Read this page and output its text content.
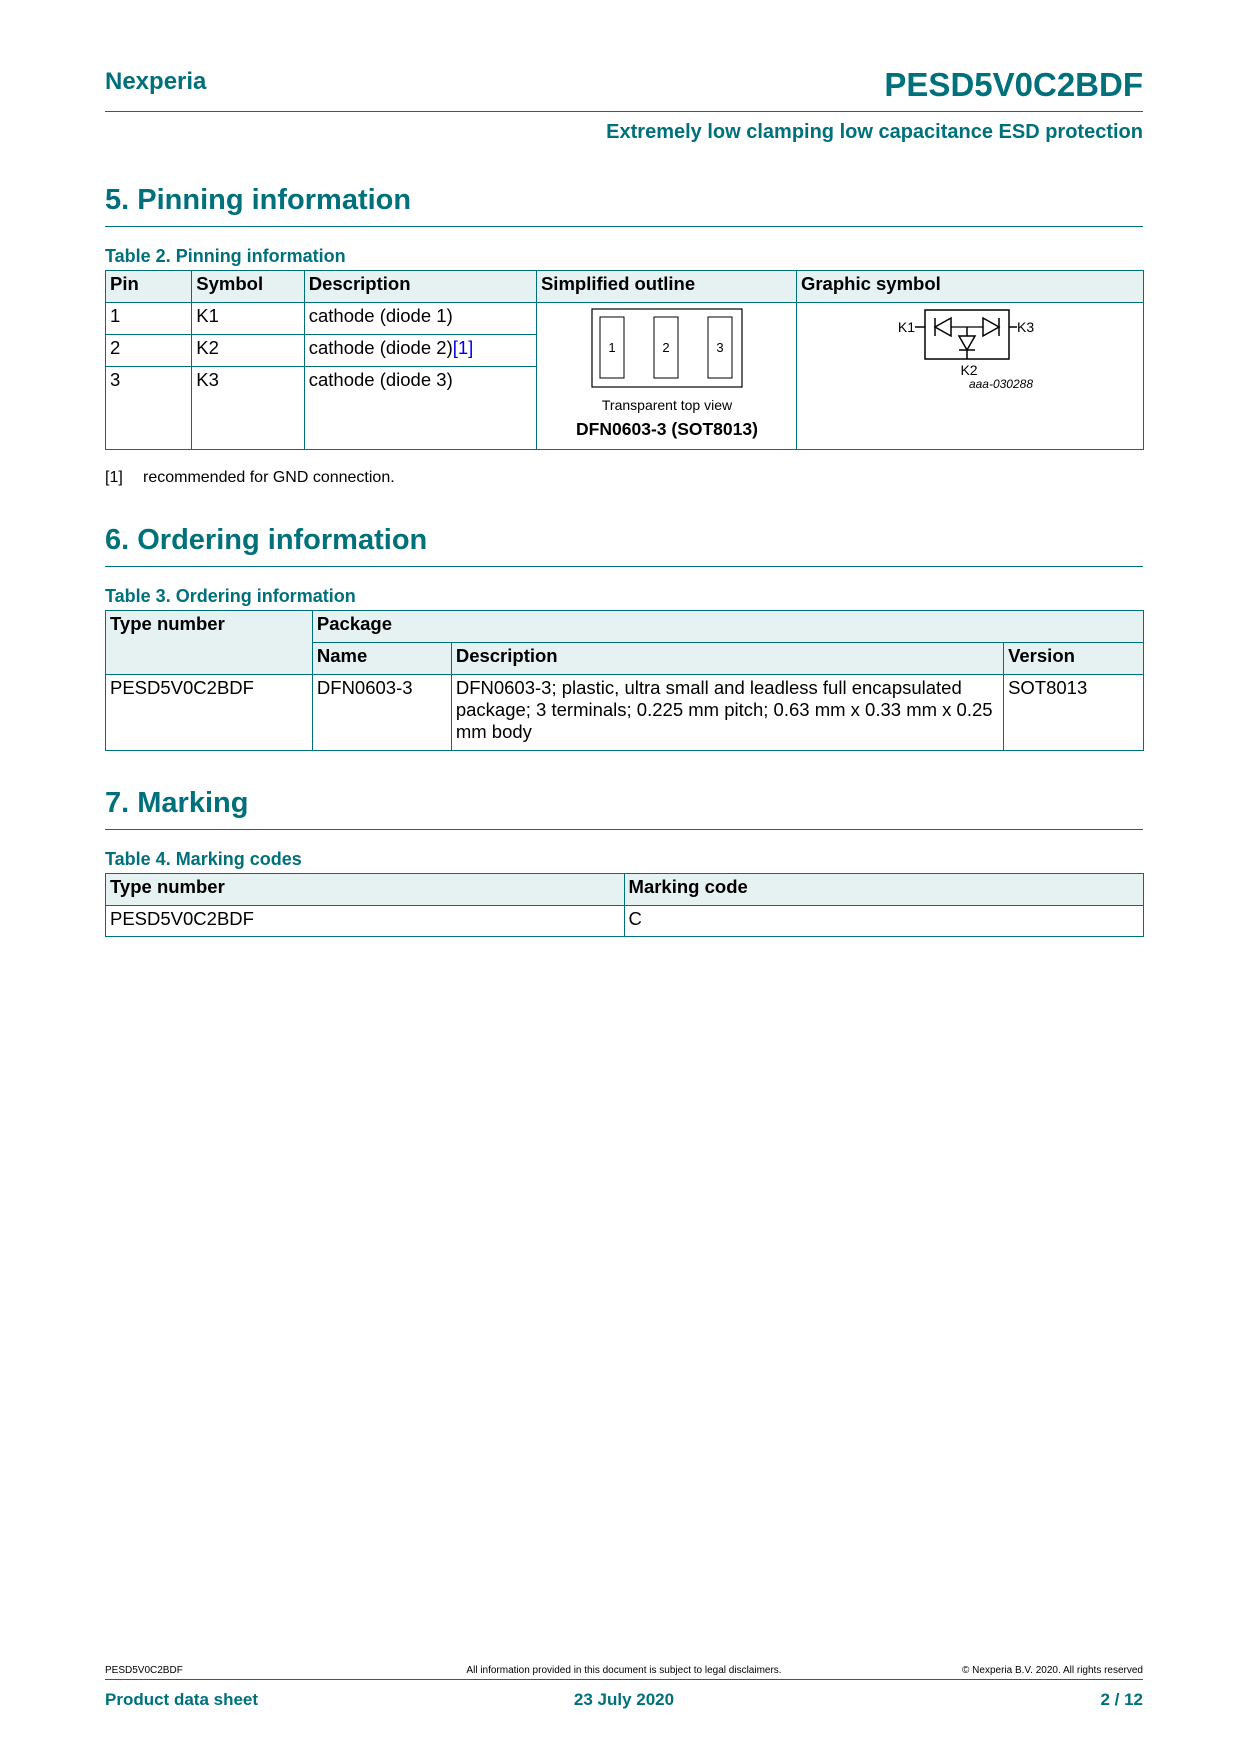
Nexperia	PESD5V0C2BDF
Extremely low clamping low capacitance ESD protection
5. Pinning information
Table 2. Pinning information
Pin	Symbol	Description	Simplified outline	Graphic symbol
1	K1	cathode (diode 1)	1 2 3
Transparent top view
DFN0603-3 (SOT8013)	K1 K3
K2
aaa-030288

2	K2	cathode (diode 2)[1]		
3	K3	cathode (diode 3)		

[1] recommended for GND connection.
6. Ordering information
Table 3. Ordering information
Type number	Package		
	Name	Description	Version
PESD5V0C2BDF	DFN0603-3	DFN0603-3; plastic, ultra small and leadless full encapsulated package; 3 terminals; 0.225 mm pitch; 0.63 mm x 0.33 mm x 0.25 mm body	SOT8013
7. Marking
Table 4. Marking codes
Type number	Marking code
PESD5V0C2BDF	C
PESD5V0C2BDF	All information provided in this document is subject to legal disclaimers.	© Nexperia B.V. 2020. All rights reserved
Product data sheet	23 July 2020	2 / 12
